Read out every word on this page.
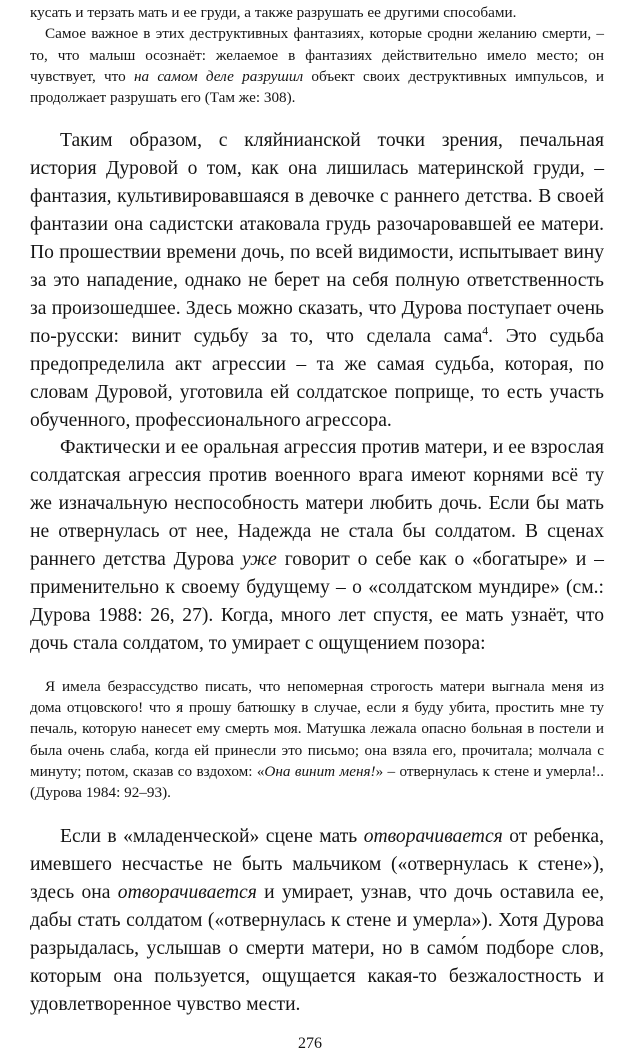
кусать и терзать мать и ее груди, а также разрушать ее другими способами.

Самое важное в этих деструктивных фантазиях, которые сродни желанию смерти, – то, что малыш осознаёт: желаемое в фантазиях действительно имело место; он чувствует, что на самом деле разрушил объект своих деструктивных импульсов, и продолжает разрушать его (Там же: 308).

Таким образом, с кляйнианской точки зрения, печальная история Дуровой о том, как она лишилась материнской груди, – фантазия, культивировавшаяся в девочке с раннего детства. В своей фантазии она садистски атаковала грудь разочаровавшей ее матери. По прошествии времени дочь, по всей видимости, испытывает вину за это нападение, однако не берет на себя полную ответственность за произошедшее. Здесь можно сказать, что Дурова поступает очень по-русски: винит судьбу за то, что сделала сама$^4$. Это судьба предопределила акт агрессии – та же самая судьба, которая, по словам Дуровой, уготовила ей солдатское поприще, то есть участь обученного, профессионального агрессора.

Фактически и ее оральная агрессия против матери, и ее взрослая солдатская агрессия против военного врага имеют корнями всё ту же изначальную неспособность матери любить дочь. Если бы мать не отвернулась от нее, Надежда не стала бы солдатом. В сценах раннего детства Дурова уже говорит о себе как о «богатыре» и – применительно к своему будущему – о «солдатском мундире» (см.: Дурова 1988: 26, 27). Когда, много лет спустя, ее мать узнаёт, что дочь стала солдатом, то умирает с ощущением позора:

Я имела безрассудство писать, что непомерная строгость матери выгнала меня из дома отцовского! что я прошу батюшку в случае, если я буду убита, простить мне ту печаль, которую нанесет ему смерть моя. Матушка лежала опасно больная в постели и была очень слаба, когда ей принесли это письмо; она взяла его, прочитала; молчала с минуту; потом, сказав со вздохом: «Она винит меня!» – отвернулась к стене и умерла!.. (Дурова 1984: 92–93).

Если в «младенческой» сцене мать отворачивается от ребенка, имевшего несчастье не быть мальчиком («отвернулась к стене»), здесь она отворачивается и умирает, узнав, что дочь оставила ее, дабы стать солдатом («отвернулась к стене и умерла»). Хотя Дурова разрыдалась, услышав о смерти матери, но в само́м подборе слов, которым она пользуется, ощущается какая-то безжалостность и удовлетворенное чувство мести.

276
